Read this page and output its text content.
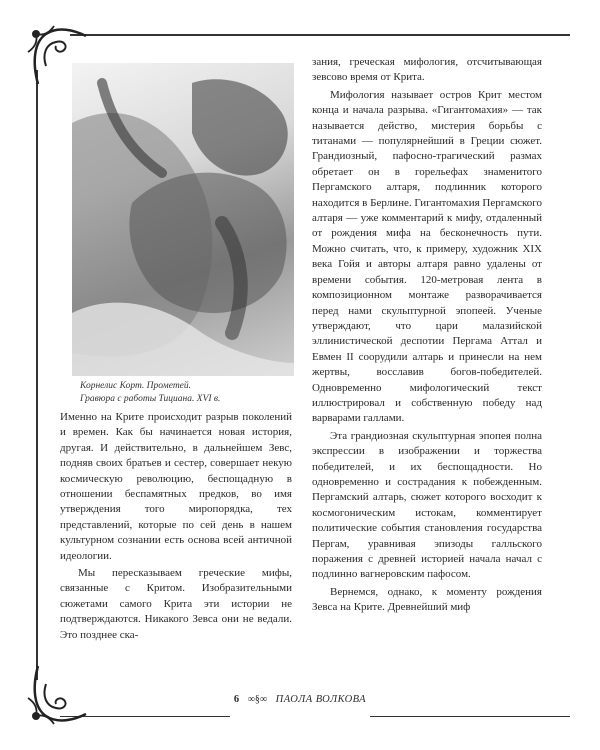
Корнелис Корт. Прометей.
Гравюра с работы Тициана. XVI в.

Именно на Крите происходит разрыв поколений и времен. Как бы начинается новая история, другая. И действительно, в дальнейшем Зевс, подняв своих братьев и сестер, совершает некую космическую революцию, беспощадную в отношении беспамятных предков, во имя утверждения того миропорядка, тех представлений, которые по сей день в нашем культурном сознании есть основа всей античной идеологии.

Мы пересказываем греческие мифы, связанные с Критом. Изобразительными сюжетами самого Крита эти истории не подтверждаются. Никакого Зевса они не ведали. Это позднее ска-

зания, греческая мифология, отсчитывающая зевсово время от Крита.

Мифология называет остров Крит местом конца и начала разрыва. «Гигантомахия» — так называется действо, мистерия борьбы с титанами — популярнейший в Греции сюжет. Грандиозный, пафосно-трагический размах обретает он в горельефах знаменитого Пергамского алтаря, подлинник которого находится в Берлине. Гигантомахия Пергамского алтаря — уже комментарий к мифу, отдаленный от рождения мифа на бесконечность пути. Можно считать, что, к примеру, художник XIX века Гойя и авторы алтаря равно удалены от времени события. 120-метровая лента в композиционном монтаже разворачивается перед нами скульптурной эпопеей. Ученые утверждают, что цари малазийской эллинистической деспотии Пергама Аттал и Евмен II соорудили алтарь и принесли на нем жертвы, восславив богов-победителей. Одновременно мифологический текст иллюстрировал и собственную победу над варварами галлами.

Эта грандиозная скульптурная эпопея полна экспрессии в изображении и торжества победителей, и их беспощадности. Но одновременно и сострадания к побежденным. Пергамский алтарь, сюжет которого восходит к космогоническим истокам, комментирует политические события становления государства Пергам, уравнивая эпизоды галльского поражения с древней историей начала начал с подлинно вагнеровским пафосом.

Вернемся, однако, к моменту рождения Зевса на Крите. Древнейший миф

6 ∞§∞ ПАОЛА ВОЛКОВА
